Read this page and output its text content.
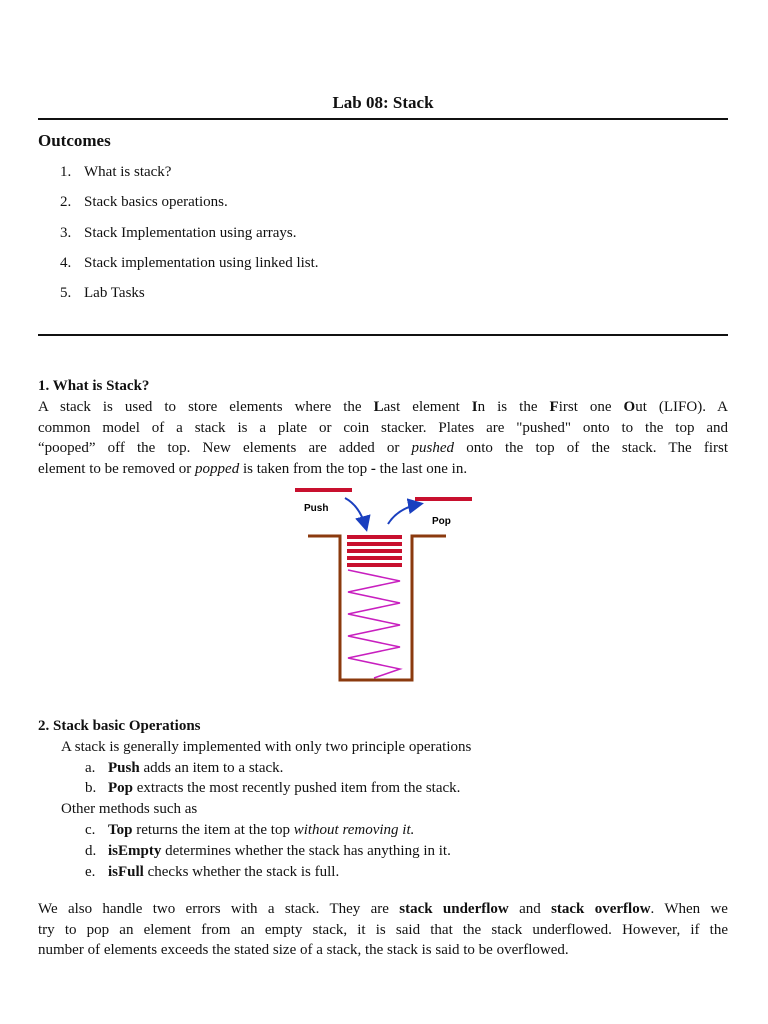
Lab 08: Stack
Outcomes
1. What is stack?
2. Stack basics operations.
3. Stack Implementation using arrays.
4. Stack implementation using linked list.
5. Lab Tasks
1. What is Stack?
A stack is used to store elements where the Last element In is the First one Out (LIFO). A
common model of a stack is a plate or coin stacker. Plates are "pushed" onto to the top and
“pooped” off the top. New elements are added or pushed onto the top of the stack. The first
element to be removed or popped is taken from the top - the last one in.
Push
Pop
2. Stack basic Operations
A stack is generally implemented with only two principle operations
a. Push adds an item to a stack.
b. Pop extracts the most recently pushed item from the stack.
Other methods such as
c. Top returns the item at the top without removing it.
d. isEmpty determines whether the stack has anything in it.
e. isFull checks whether the stack is full.
We also handle two errors with a stack. They are stack underflow and stack overflow. When we
try to pop an element from an empty stack, it is said that the stack underflowed. However, if the
number of elements exceeds the stated size of a stack, the stack is said to be overflowed.
